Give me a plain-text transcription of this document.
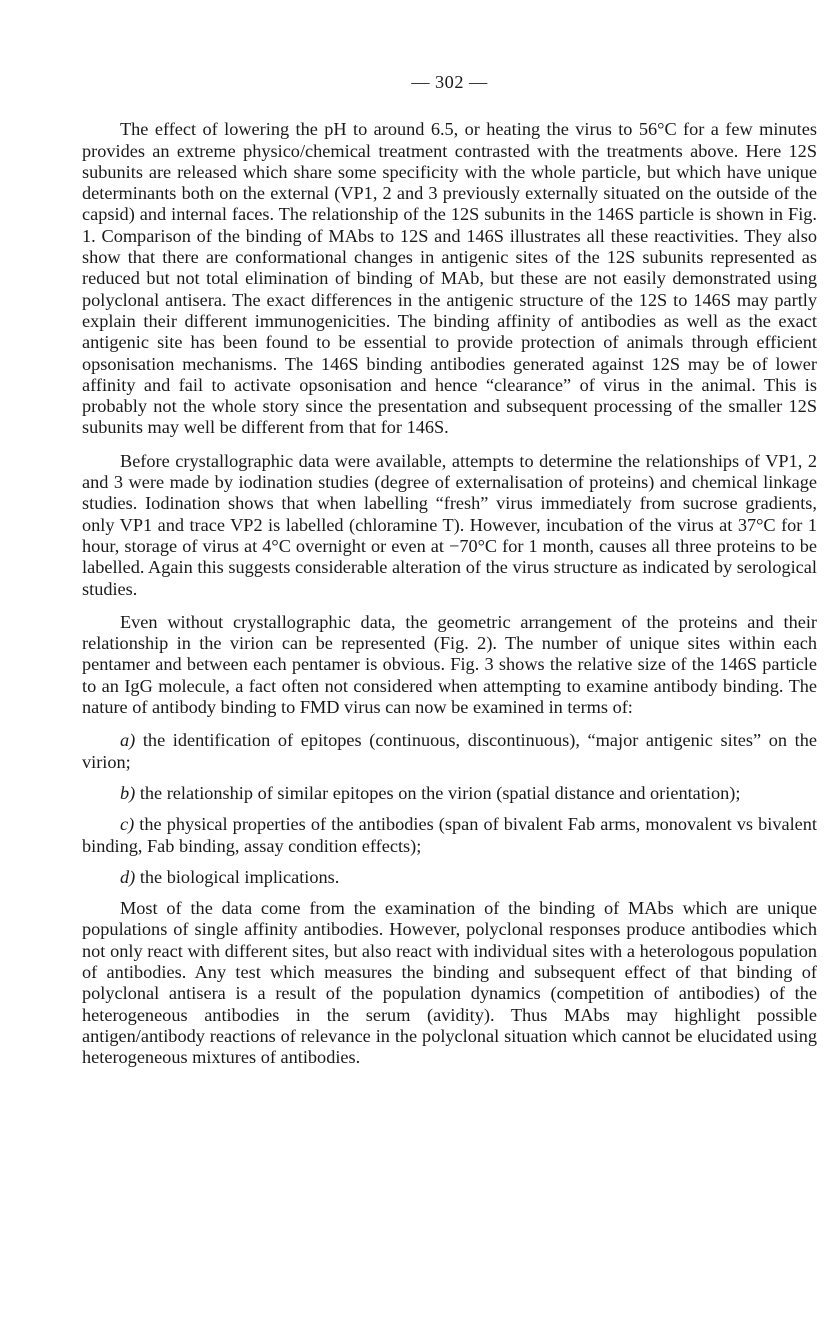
— 302 —

The effect of lowering the pH to around 6.5, or heating the virus to 56°C for a few minutes provides an extreme physico/chemical treatment contrasted with the treatments above. Here 12S subunits are released which share some specificity with the whole particle, but which have unique determinants both on the external (VP1, 2 and 3 previously externally situated on the outside of the capsid) and internal faces. The relationship of the 12S subunits in the 146S particle is shown in Fig. 1. Comparison of the binding of MAbs to 12S and 146S illustrates all these reactivities. They also show that there are conformational changes in antigenic sites of the 12S subunits represented as reduced but not total elimination of binding of MAb, but these are not easily demonstrated using polyclonal antisera. The exact differences in the antigenic structure of the 12S to 146S may partly explain their different immunogenicities. The binding affinity of antibodies as well as the exact antigenic site has been found to be essential to provide protection of animals through efficient opsonisation mechanisms. The 146S binding antibodies generated against 12S may be of lower affinity and fail to activate opsonisation and hence “clearance” of virus in the animal. This is probably not the whole story since the presentation and subsequent processing of the smaller 12S subunits may well be different from that for 146S.

Before crystallographic data were available, attempts to determine the relationships of VP1, 2 and 3 were made by iodination studies (degree of externalisation of proteins) and chemical linkage studies. Iodination shows that when labelling “fresh” virus immediately from sucrose gradients, only VP1 and trace VP2 is labelled (chloramine T). However, incubation of the virus at 37°C for 1 hour, storage of virus at 4°C overnight or even at −70°C for 1 month, causes all three proteins to be labelled. Again this suggests considerable alteration of the virus structure as indicated by serological studies.

Even without crystallographic data, the geometric arrangement of the proteins and their relationship in the virion can be represented (Fig. 2). The number of unique sites within each pentamer and between each pentamer is obvious. Fig. 3 shows the relative size of the 146S particle to an IgG molecule, a fact often not considered when attempting to examine antibody binding. The nature of antibody binding to FMD virus can now be examined in terms of:

a) the identification of epitopes (continuous, discontinuous), “major antigenic sites” on the virion;

b) the relationship of similar epitopes on the virion (spatial distance and orientation);

c) the physical properties of the antibodies (span of bivalent Fab arms, monovalent vs bivalent binding, Fab binding, assay condition effects);

d) the biological implications.

Most of the data come from the examination of the binding of MAbs which are unique populations of single affinity antibodies. However, polyclonal responses produce antibodies which not only react with different sites, but also react with individual sites with a heterologous population of antibodies. Any test which measures the binding and subsequent effect of that binding of polyclonal antisera is a result of the population dynamics (competition of antibodies) of the heterogeneous antibodies in the serum (avidity). Thus MAbs may highlight possible antigen/antibody reactions of relevance in the polyclonal situation which cannot be elucidated using heterogeneous mixtures of antibodies.
